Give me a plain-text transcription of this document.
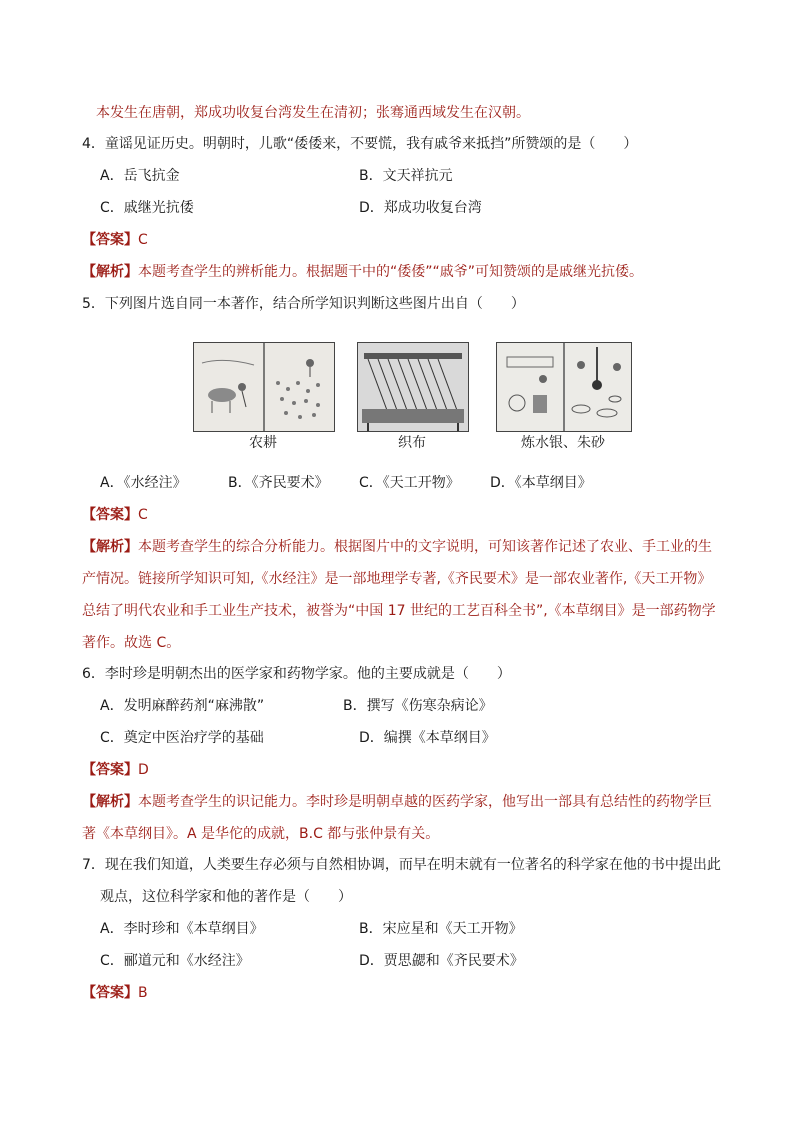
本发生在唐朝，郑成功收复台湾发生在清初；张骞通西域发生在汉朝。
4．童谣见证历史。明朝时，儿歌“倭倭来，不要慌，我有戚爷来抵挡”所赞颂的是（　　）
A．岳飞抗金	B．文天祥抗元
C．戚继光抗倭	D．郑成功收复台湾
【答案】C
【解析】本题考查学生的辨析能力。根据题干中的“倭倭”“戚爷”可知赞颂的是戚继光抗倭。
5．下列图片选自同一本著作，结合所学知识判断这些图片出自（　　）
农耕	织布	炼水银、朱砂
A．《水经注》	B．《齐民要术》 C．《天工开物》 D．《本草纲目》
【答案】C
【解析】本题考查学生的综合分析能力。根据图片中的文字说明，可知该著作记述了农业、手工业的生
产情况。链接所学知识可知,《水经注》是一部地理学专著,《齐民要术》是一部农业著作,《天工开物》
总结了明代农业和手工业生产技术，被誉为“中国 17 世纪的工艺百科全书”,《本草纲目》是一部药物学
著作。故选 C。
6．李时珍是明朝杰出的医学家和药物学家。他的主要成就是（　　）
A．发明麻醉药剂“麻沸散”	B．撰写《伤寒杂病论》
C．奠定中医治疗学的基础	D．编撰《本草纲目》
【答案】D
【解析】本题考查学生的识记能力。李时珍是明朝卓越的医药学家，他写出一部具有总结性的药物学巨
著《本草纲目》。A 是华佗的成就，B.C 都与张仲景有关。
7．现在我们知道，人类要生存必须与自然相协调，而早在明末就有一位著名的科学家在他的书中提出此
观点，这位科学家和他的著作是（　　）
A．李时珍和《本草纲目》	B．宋应星和《天工开物》
C．郦道元和《水经注》	D．贾思勰和《齐民要术》
【答案】B
